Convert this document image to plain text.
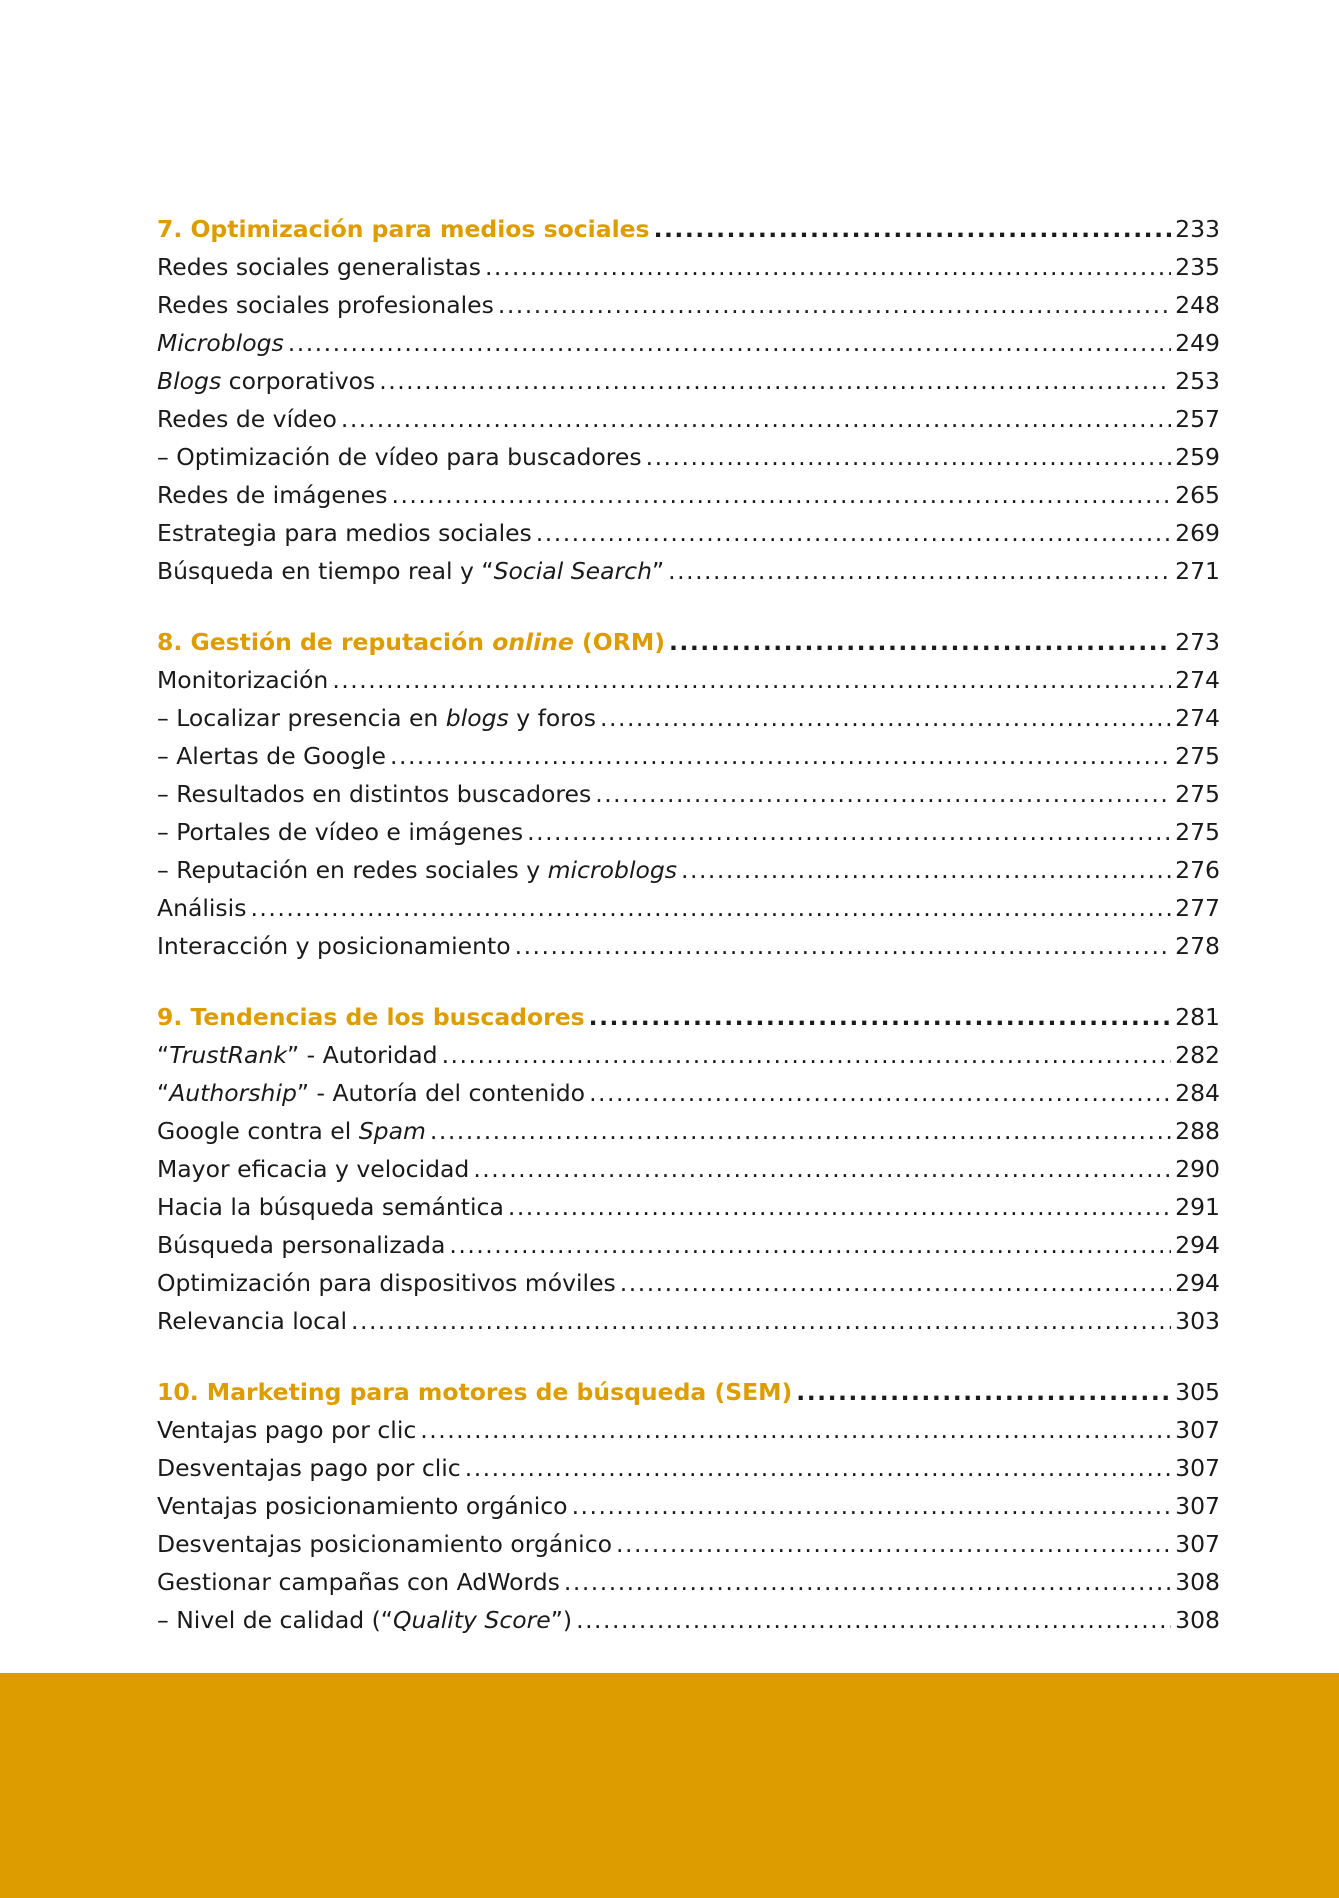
7. Optimización para medios sociales .....	233
Redes sociales generalistas .....	235
Redes sociales profesionales .....	248
Microblogs .....	249
Blogs corporativos .....	253
Redes de vídeo .....	257
– Optimización de vídeo para buscadores .....	259
Redes de imágenes .....	265
Estrategia para medios sociales .....	269
Búsqueda en tiempo real y “Social Search” .....	271
8. Gestión de reputación online (ORM) .....	273
Monitorización .....	274
– Localizar presencia en blogs y foros .....	274
– Alertas de Google .....	275
– Resultados en distintos buscadores .....	275
– Portales de vídeo e imágenes .....	275
– Reputación en redes sociales y microblogs .....	276
Análisis .....	277
Interacción y posicionamiento .....	278
9. Tendencias de los buscadores .....	281
“TrustRank” - Autoridad .....	282
“Authorship” - Autoría del contenido .....	284
Google contra el Spam .....	288
Mayor eficacia y velocidad .....	290
Hacia la búsqueda semántica .....	291
Búsqueda personalizada .....	294
Optimización para dispositivos móviles .....	294
Relevancia local .....	303
10. Marketing para motores de búsqueda (SEM) .....	305
Ventajas pago por clic .....	307
Desventajas pago por clic .....	307
Ventajas posicionamiento orgánico .....	307
Desventajas posicionamiento orgánico .....	307
Gestionar campañas con AdWords .....	308
– Nivel de calidad (“Quality Score”) .....	308
